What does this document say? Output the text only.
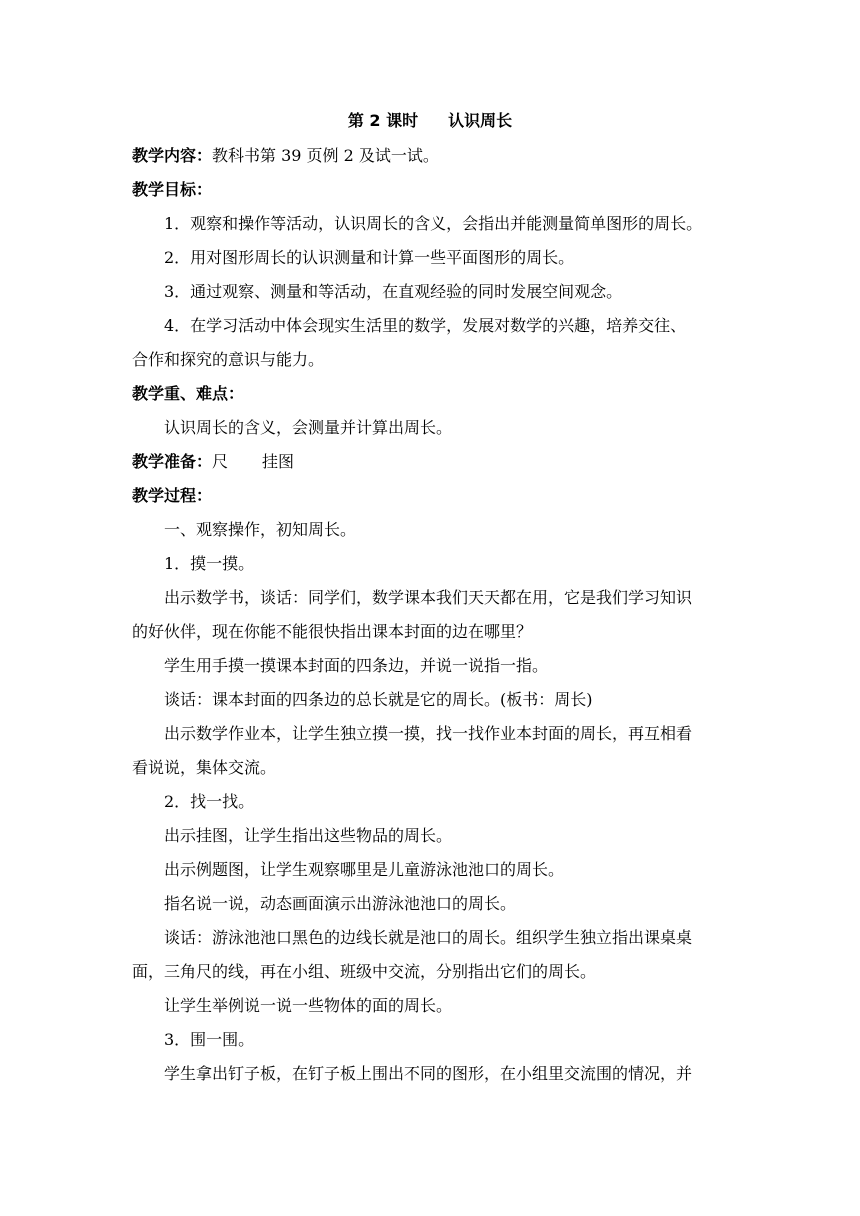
第 2 课时 认识周长
教学内容：教科书第 39 页例 2 及试一试。
教学目标：
1．观察和操作等活动，认识周长的含义，会指出并能测量简单图形的周长。
2．用对图形周长的认识测量和计算一些平面图形的周长。
3．通过观察、测量和等活动，在直观经验的同时发展空间观念。
4．在学习活动中体会现实生活里的数学，发展对数学的兴趣，培养交往、
合作和探究的意识与能力。
教学重、难点：
认识周长的含义，会测量并计算出周长。
教学准备：尺 挂图
教学过程：
一、观察操作，初知周长。
1．摸一摸。
出示数学书，谈话：同学们，数学课本我们天天都在用，它是我们学习知识
的好伙伴，现在你能不能很快指出课本封面的边在哪里？
学生用手摸一摸课本封面的四条边，并说一说指一指。
谈话：课本封面的四条边的总长就是它的周长。(板书：周长)
出示数学作业本，让学生独立摸一摸，找一找作业本封面的周长，再互相看
看说说，集体交流。
2．找一找。
出示挂图，让学生指出这些物品的周长。
出示例题图，让学生观察哪里是儿童游泳池池口的周长。
指名说一说，动态画面演示出游泳池池口的周长。
谈话：游泳池池口黑色的边线长就是池口的周长。组织学生独立指出课桌桌
面，三角尺的线，再在小组、班级中交流，分别指出它们的周长。
让学生举例说一说一些物体的面的周长。
3．围一围。
学生拿出钉子板，在钉子板上围出不同的图形，在小组里交流围的情况，并
